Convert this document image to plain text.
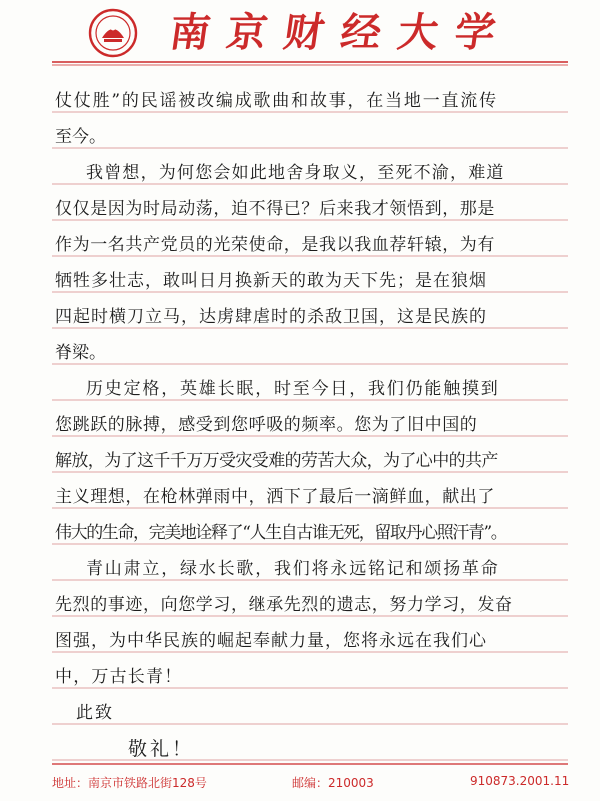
南京财经大学
仗仗胜”的民谣被改编成歌曲和故事，在当地一直流传
至今。
我曾想，为何您会如此地舍身取义，至死不渝，难道
仅仅是因为时局动荡，迫不得已？后来我才领悟到，那是
作为一名共产党员的光荣使命，是我以我血荐轩辕，为有
牺牲多壮志，敢叫日月换新天的敢为天下先；是在狼烟
四起时横刀立马，达虏肆虐时的杀敌卫国，这是民族的
脊梁。
历史定格，英雄长眠，时至今日，我们仍能触摸到
您跳跃的脉搏，感受到您呼吸的频率。您为了旧中国的
解放，为了这千千万万受灾受难的劳苦大众，为了心中的共产
主义理想，在枪林弹雨中，洒下了最后一滴鲜血，献出了
伟大的生命，完美地诠释了“人生自古谁无死，留取丹心照汗青”。
青山肃立，绿水长歌，我们将永远铭记和颂扬革命
先烈的事迹，向您学习，继承先烈的遗志，努力学习，发奋
图强，为中华民族的崛起奉献力量，您将永远在我们心
中，万古长青！
此致
敬礼！
地址：南京市铁路北街128号	邮编：210003	910873.2001.11
